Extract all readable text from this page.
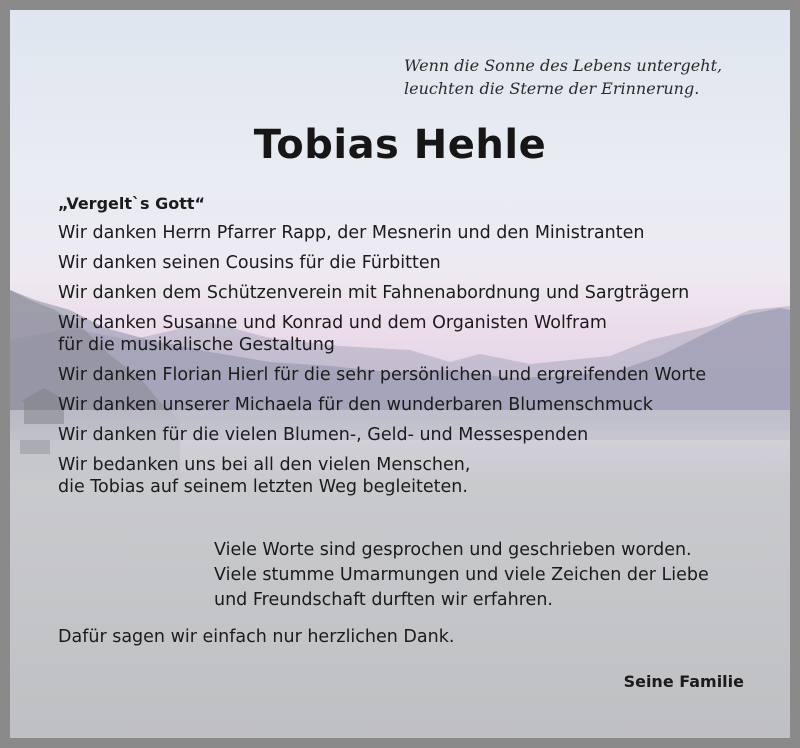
Wenn die Sonne des Lebens untergeht,
leuchten die Sterne der Erinnerung.
Tobias Hehle
„Vergelt`s Gott“
Wir danken Herrn Pfarrer Rapp, der Mesnerin und den Ministranten
Wir danken seinen Cousins für die Fürbitten
Wir danken dem Schützenverein mit Fahnenabordnung und Sargträgern
Wir danken Susanne und Konrad und dem Organisten Wolfram
für die musikalische Gestaltung
Wir danken Florian Hierl für die sehr persönlichen und ergreifenden Worte
Wir danken unserer Michaela für den wunderbaren Blumenschmuck
Wir danken für die vielen Blumen-, Geld- und Messespenden
Wir bedanken uns bei all den vielen Menschen,
die Tobias auf seinem letzten Weg begleiteten.
Viele Worte sind gesprochen und geschrieben worden.
Viele stumme Umarmungen und viele Zeichen der Liebe
und Freundschaft durften wir erfahren.
Dafür sagen wir einfach nur herzlichen Dank.
Seine Familie
